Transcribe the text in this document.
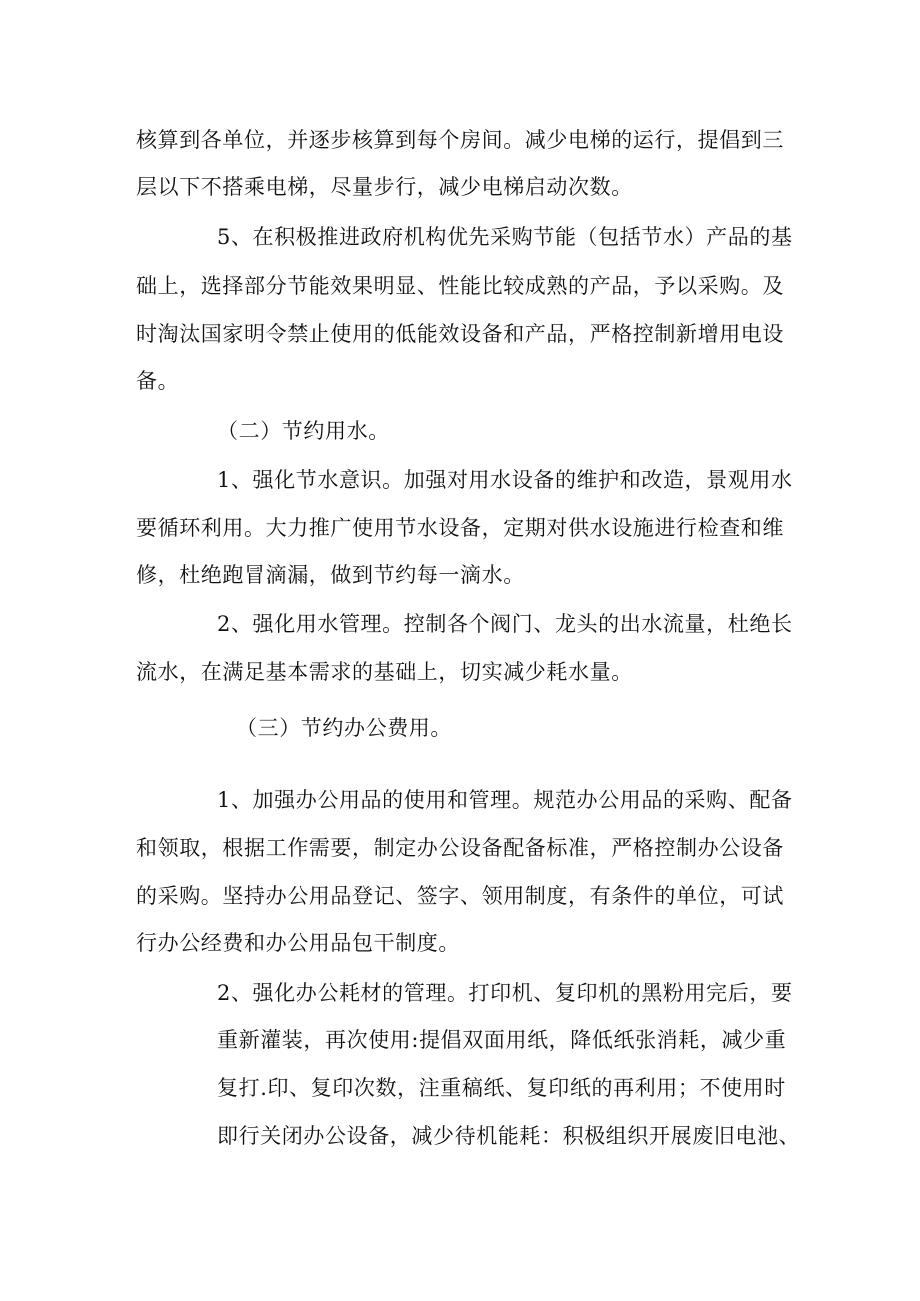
核算到各单位，并逐步核算到每个房间。减少电梯的运行，提倡到三
层以下不搭乘电梯，尽量步行，减少电梯启动次数。
5、在积极推进政府机构优先采购节能（包括节水）产品的基
础上，选择部分节能效果明显、性能比较成熟的产品，予以采购。及
时淘汰国家明令禁止使用的低能效设备和产品，严格控制新增用电设
备。
（二）节约用水。
1、强化节水意识。加强对用水设备的维护和改造，景观用水
要循环利用。大力推广使用节水设备，定期对供水设施进行检查和维
修，杜绝跑冒滴漏，做到节约每一滴水。
2、强化用水管理。控制各个阀门、龙头的出水流量，杜绝长
流水，在满足基本需求的基础上，切实减少耗水量。
（三）节约办公费用。
1、加强办公用品的使用和管理。规范办公用品的采购、配备
和领取，根据工作需要，制定办公设备配备标准，严格控制办公设备
的采购。坚持办公用品登记、签字、领用制度，有条件的单位，可试
行办公经费和办公用品包干制度。
2、强化办公耗材的管理。打印机、复印机的黑粉用完后，要
重新灌装，再次使用:提倡双面用纸，降低纸张消耗，减少重
复打.印、复印次数，注重稿纸、复印纸的再利用；不使用时
即行关闭办公设备，减少待机能耗：积极组织开展废旧电池、
